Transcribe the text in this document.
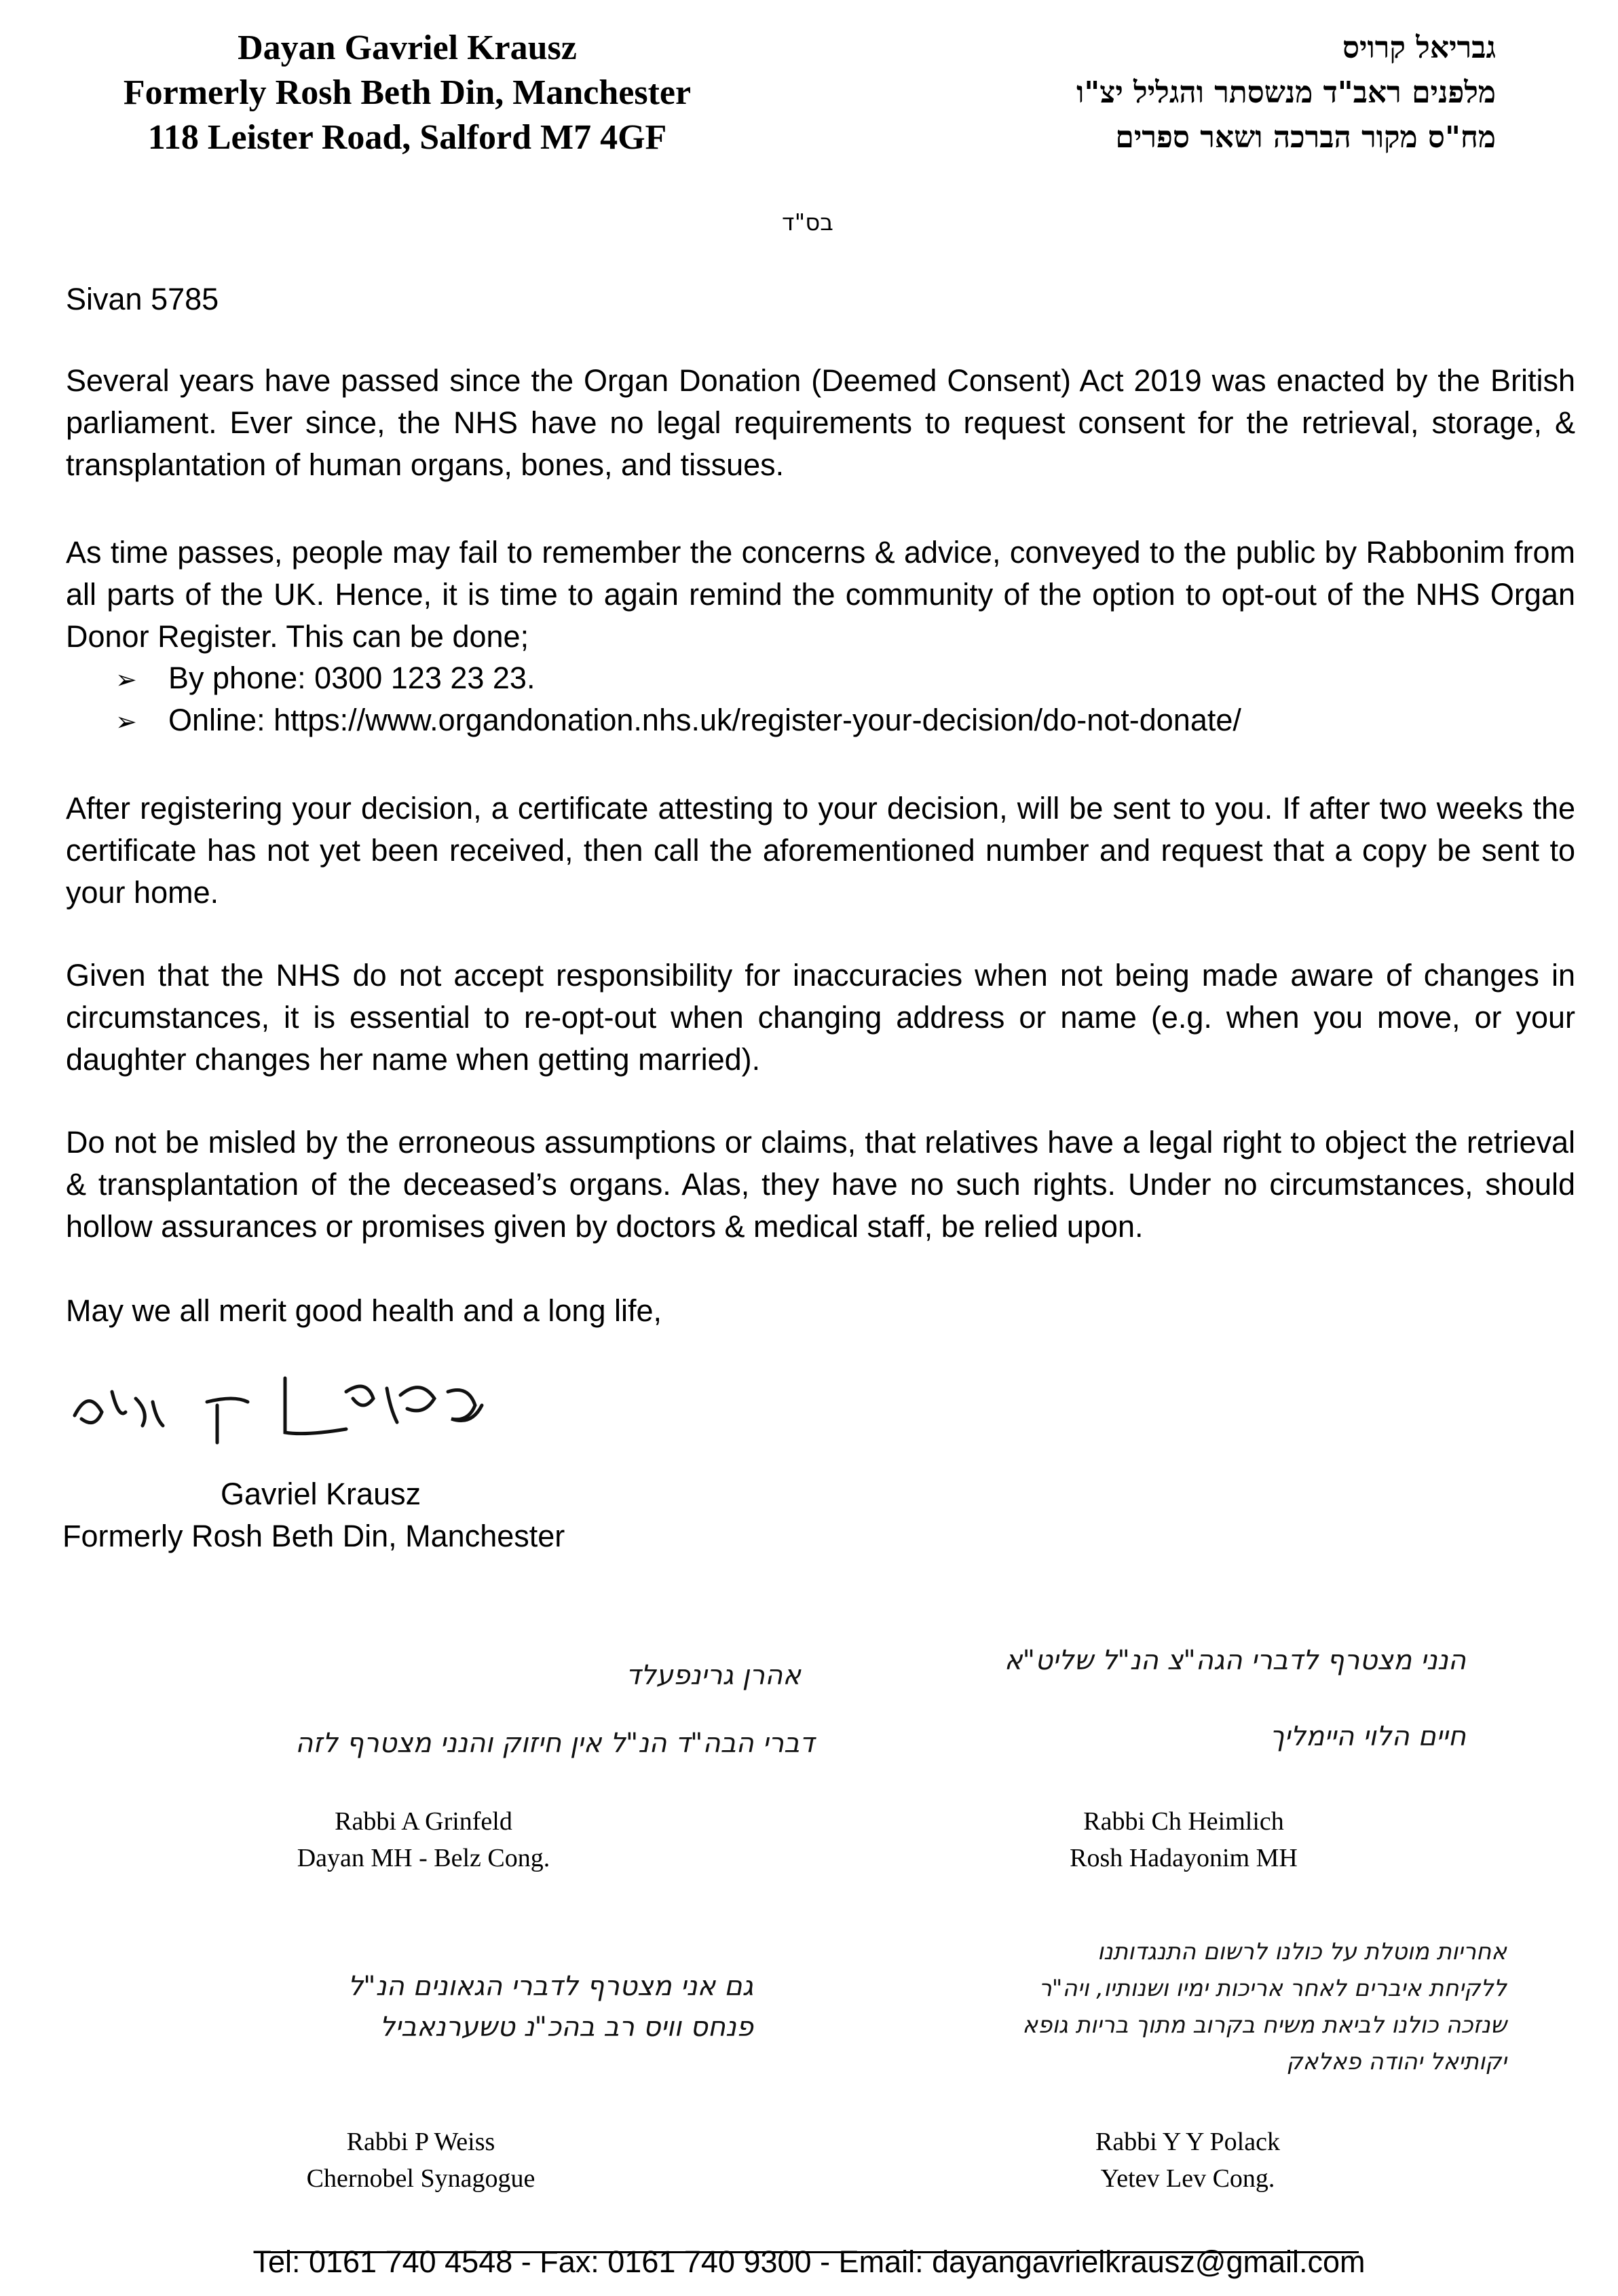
Dayan Gavriel Krausz
Formerly Rosh Beth Din, Manchester
118 Leister Road, Salford M7 4GF
גבריאל קרויס
מלפנים ראב"ד מנשסתר והגליל יצ"ו
מח"ס מקור הברכה ושאר ספרים
בס"ד
Sivan 5785

Several years have passed since the Organ Donation (Deemed Consent) Act 2019 was enacted by the British parliament. Ever since, the NHS have no legal requirements to request consent for the retrieval, storage, & transplantation of human organs, bones, and tissues.

As time passes, people may fail to remember the concerns & advice, conveyed to the public by Rabbonim from all parts of the UK. Hence, it is time to again remind the community of the option to opt-out of the NHS Organ Donor Register. This can be done;

➢ By phone: 0300 123 23 23.

➢ Online: https://www.organdonation.nhs.uk/register-your-decision/do-not-donate/

After registering your decision, a certificate attesting to your decision, will be sent to you. If after two weeks the certificate has not yet been received, then call the aforementioned number and request that a copy be sent to your home.

Given that the NHS do not accept responsibility for inaccuracies when not being made aware of changes in circumstances, it is essential to re-opt-out when changing address or name (e.g. when you move, or your daughter changes her name when getting married).

Do not be misled by the erroneous assumptions or claims, that relatives have a legal right to object the retrieval & transplantation of the deceased’s organs. Alas, they have no such rights. Under no circumstances, should hollow assurances or promises given by doctors & medical staff, be relied upon.

May we all merit good health and a long life,
גבריאל קרויס
Gavriel Krausz
Formerly Rosh Beth Din, Manchester
אהרן גרינפעלד
דברי הבה"ד הנ"ל אין חיזוק והנני מצטרף לזה
Rabbi A Grinfeld
Dayan MH - Belz Cong.
הנני מצטרף לדברי הגה"צ הנ"ל שליט"א
חיים הלוי היימליך
Rabbi Ch Heimlich
Rosh Hadayonim MH
גם אני מצטרף לדברי הגאונים הנ"ל
פנחס וויס רב בהכ"נ טשערנאביל
Rabbi P Weiss
Chernobel Synagogue
אחריות מוטלת על כולנו לרשום התנגדותנו
ללקיחת איברים לאחר אריכות ימיו ושנותיו, ויה"ר
שנזכה כולנו לביאת משיח בקרוב מתוך בריות גופא
יקותיאל יהודה פאלאק
Rabbi Y Y Polack
Yetev Lev Cong.
Tel: 0161 740 4548 - Fax: 0161 740 9300 - Email: dayangavrielkrausz@gmail.com
